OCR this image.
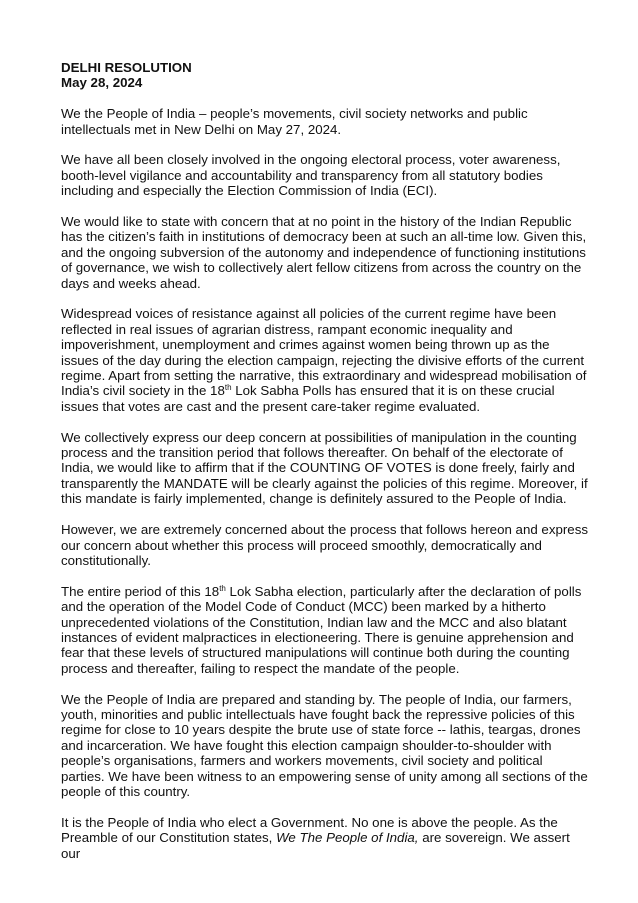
DELHI RESOLUTION
May 28, 2024

We the People of India – people’s movements, civil society networks and public intellectuals met in New Delhi on May 27, 2024.

We have all been closely involved in the ongoing electoral process, voter awareness, booth-level vigilance and accountability and transparency from all statutory bodies including and especially the Election Commission of India (ECI).

We would like to state with concern that at no point in the history of the Indian Republic has the citizen’s faith in institutions of democracy been at such an all-time low. Given this, and the ongoing subversion of the autonomy and independence of functioning institutions of governance, we wish to collectively alert fellow citizens from across the country on the days and weeks ahead.

Widespread voices of resistance against all policies of the current regime have been reflected in real issues of agrarian distress, rampant economic inequality and impoverishment, unemployment and crimes against women being thrown up as the issues of the day during the election campaign, rejecting the divisive efforts of the current regime. Apart from setting the narrative, this extraordinary and widespread mobilisation of India’s civil society in the 18th Lok Sabha Polls has ensured that it is on these crucial issues that votes are cast and the present care-taker regime evaluated.

We collectively express our deep concern at possibilities of manipulation in the counting process and the transition period that follows thereafter. On behalf of the electorate of India, we would like to affirm that if the COUNTING OF VOTES is done freely, fairly and transparently the MANDATE will be clearly against the policies of this regime. Moreover, if this mandate is fairly implemented, change is definitely assured to the People of India.

However, we are extremely concerned about the process that follows hereon and express our concern about whether this process will proceed smoothly, democratically and constitutionally.

The entire period of this 18th Lok Sabha election, particularly after the declaration of polls and the operation of the Model Code of Conduct (MCC) been marked by a hitherto unprecedented violations of the Constitution, Indian law and the MCC and also blatant instances of evident malpractices in electioneering. There is genuine apprehension and fear that these levels of structured manipulations will continue both during the counting process and thereafter, failing to respect the mandate of the people.

We the People of India are prepared and standing by. The people of India, our farmers, youth, minorities and public intellectuals have fought back the repressive policies of this regime for close to 10 years despite the brute use of state force -- lathis, teargas, drones and incarceration. We have fought this election campaign shoulder-to-shoulder with people’s organisations, farmers and workers movements, civil society and political parties. We have been witness to an empowering sense of unity among all sections of the people of this country.

It is the People of India who elect a Government. No one is above the people. As the Preamble of our Constitution states, We The People of India, are sovereign. We assert our
